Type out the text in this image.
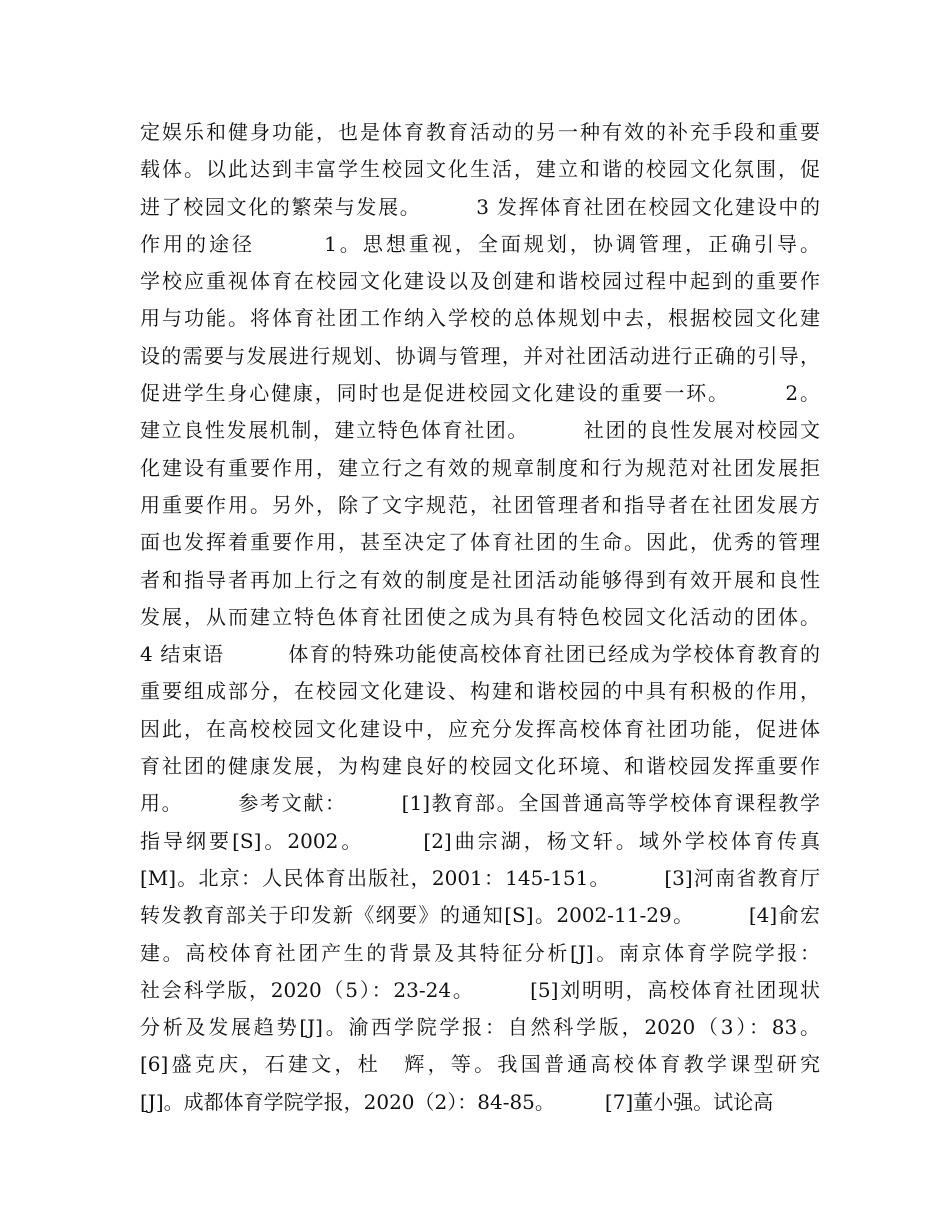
定娱乐和健身功能，也是体育教育活动的另一种有效的补充手段和重要
载体。以此达到丰富学生校园文化生活，建立和谐的校园文化氛围，促
进了校园文化的繁荣与发展。　　　3 发挥体育社团在校园文化建设中的
作用的途径　　　1。思想重视，全面规划，协调管理，正确引导。
学校应重视体育在校园文化建设以及创建和谐校园过程中起到的重要作
用与功能。将体育社团工作纳入学校的总体规划中去，根据校园文化建
设的需要与发展进行规划、协调与管理，并对社团活动进行正确的引导，
促进学生身心健康，同时也是促进校园文化建设的重要一环。　　　2。
建立良性发展机制，建立特色体育社团。　　　社团的良性发展对校园文
化建设有重要作用，建立行之有效的规章制度和行为规范对社团发展拒
用重要作用。另外，除了文字规范，社团管理者和指导者在社团发展方
面也发挥着重要作用，甚至决定了体育社团的生命。因此，优秀的管理
者和指导者再加上行之有效的制度是社团活动能够得到有效开展和良性
发展，从而建立特色体育社团使之成为具有特色校园文化活动的团体。
4 结束语　　　体育的特殊功能使高校体育社团已经成为学校体育教育的
重要组成部分，在校园文化建设、构建和谐校园的中具有积极的作用，
因此，在高校校园文化建设中，应充分发挥高校体育社团功能，促进体
育社团的健康发展，为构建良好的校园文化环境、和谐校园发挥重要作
用。　　　参考文献：　　　[1]教育部。全国普通高等学校体育课程教学
指导纲要[S]。2002。　　　[2]曲宗湖，杨文轩。域外学校体育传真
[M]。北京：人民体育出版社，2001：145-151。　　　[3]河南省教育厅
转发教育部关于印发新《纲要》的通知[S]。2002-11-29。　　　[4]俞宏
建。高校体育社团产生的背景及其特征分析[J]。南京体育学院学报：
社会科学版，2020（5）：23-24。　　　[5]刘明明，高校体育社团现状
分析及发展趋势[J]。渝西学院学报：自然科学版，2020（3）：83。
[6]盛克庆，石建文，杜　辉，等。我国普通高校体育教学课型研究
[J]。成都体育学院学报，2020（2）：84-85。　　　[7]董小强。试论高
